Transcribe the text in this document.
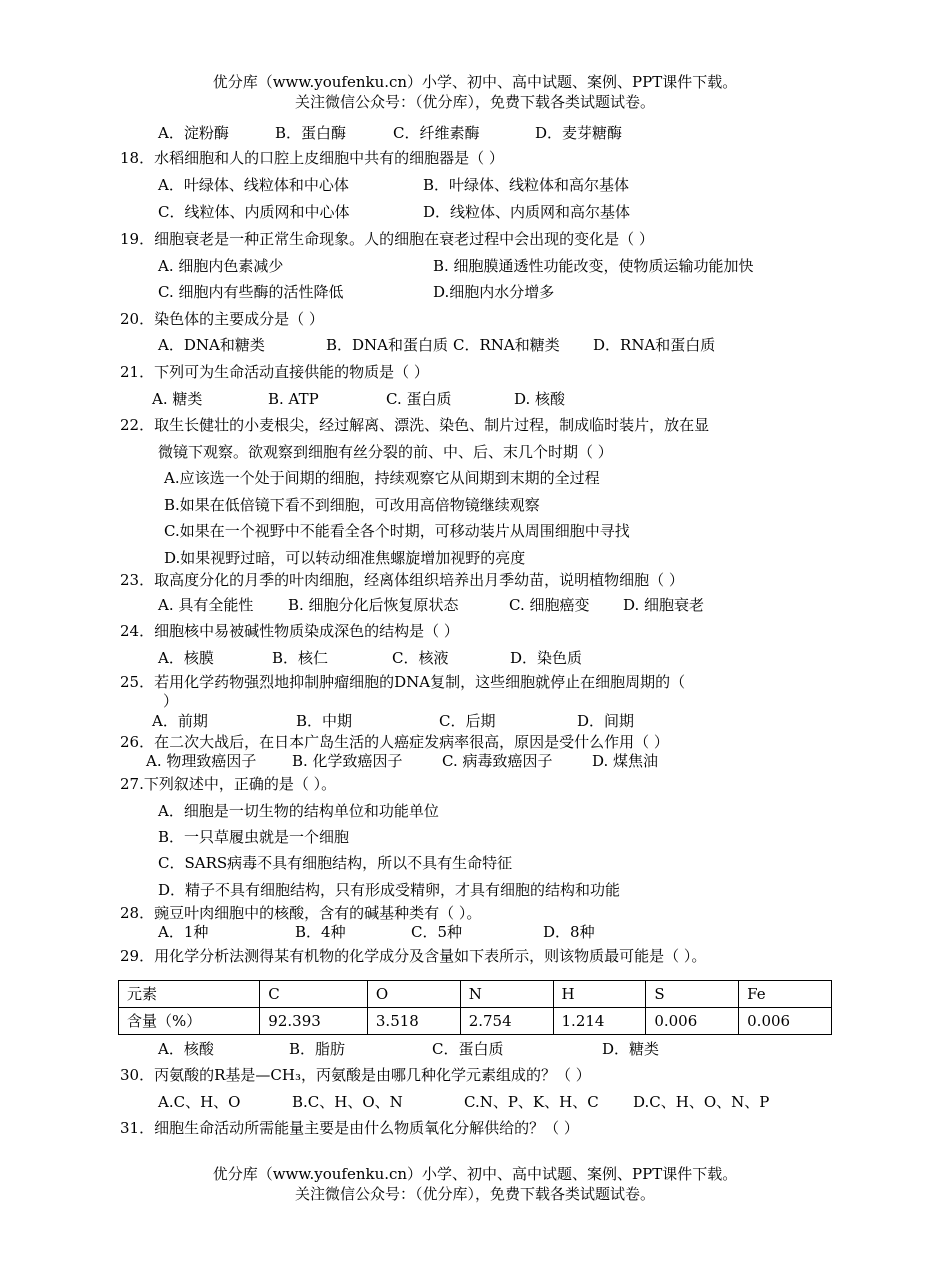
优分库（www.youfenku.cn）小学、初中、高中试题、案例、PPT课件下载。
关注微信公众号：（优分库），免费下载各类试题试卷。
A．淀粉酶	B．蛋白酶	C．纤维素酶	D．麦芽糖酶
18．水稻细胞和人的口腔上皮细胞中共有的细胞器是（ ）
A．叶绿体、线粒体和中心体	B．叶绿体、线粒体和高尔基体
C．线粒体、内质网和中心体	D．线粒体、内质网和高尔基体
19．细胞衰老是一种正常生命现象。人的细胞在衰老过程中会出现的变化是（ ）
A. 细胞内色素减少	B. 细胞膜通透性功能改变，使物质运输功能加快
C. 细胞内有些酶的活性降低	D.细胞内水分增多
20．染色体的主要成分是（ ）
A．DNA和糖类	B．DNA和蛋白质 C．RNA和糖类 D．RNA和蛋白质
21．下列可为生命活动直接供能的物质是（ ）
A. 糖类	B. ATP	C. 蛋白质	D. 核酸
22．取生长健壮的小麦根尖，经过解离、漂洗、染色、制片过程，制成临时装片，放在显
微镜下观察。欲观察到细胞有丝分裂的前、中、后、末几个时期（ ）
A.应该选一个处于间期的细胞，持续观察它从间期到末期的全过程
B.如果在低倍镜下看不到细胞，可改用高倍物镜继续观察
C.如果在一个视野中不能看全各个时期，可移动装片从周围细胞中寻找
D.如果视野过暗，可以转动细准焦螺旋增加视野的亮度
23．取高度分化的月季的叶肉细胞，经离体组织培养出月季幼苗，说明植物细胞（ ）
A. 具有全能性 B. 细胞分化后恢复原状态	C. 细胞癌变 D. 细胞衰老
24．细胞核中易被碱性物质染成深色的结构是（ ）
A．核膜	B．核仁	C．核液	D．染色质
25．若用化学药物强烈地抑制肿瘤细胞的DNA复制，这些细胞就停止在细胞周期的（
）
A．前期	B．中期	C．后期	D．间期
26．在二次大战后，在日本广岛生活的人癌症发病率很高，原因是受什么作用（ ）
A. 物理致癌因子 B. 化学致癌因子	C. 病毒致癌因子	D. 煤焦油
27.下列叙述中，正确的是（ ）。
A．细胞是一切生物的结构单位和功能单位
B．一只草履虫就是一个细胞
C．SARS病毒不具有细胞结构，所以不具有生命特征
D．精子不具有细胞结构，只有形成受精卵，才具有细胞的结构和功能
28．豌豆叶肉细胞中的核酸，含有的碱基种类有（ ）。
A．1种	B．4种	C．5种	D．8种
29．用化学分析法测得某有机物的化学成分及含量如下表所示，则该物质最可能是（ ）。
元素	C	O	N	H	S	Fe
含量（%）	92.393	3.518	2.754	1.214	0.006	0.006
A．核酸	B．脂肪	C．蛋白质	D．糖类
30．丙氨酸的R基是—CH₃，丙氨酸是由哪几种化学元素组成的？（ ）
A.C、H、O	B.C、H、O、N	C.N、P、K、H、C D.C、H、O、N、P
31．细胞生命活动所需能量主要是由什么物质氧化分解供给的？（ ）
优分库（www.youfenku.cn）小学、初中、高中试题、案例、PPT课件下载。
关注微信公众号：（优分库），免费下载各类试题试卷。
